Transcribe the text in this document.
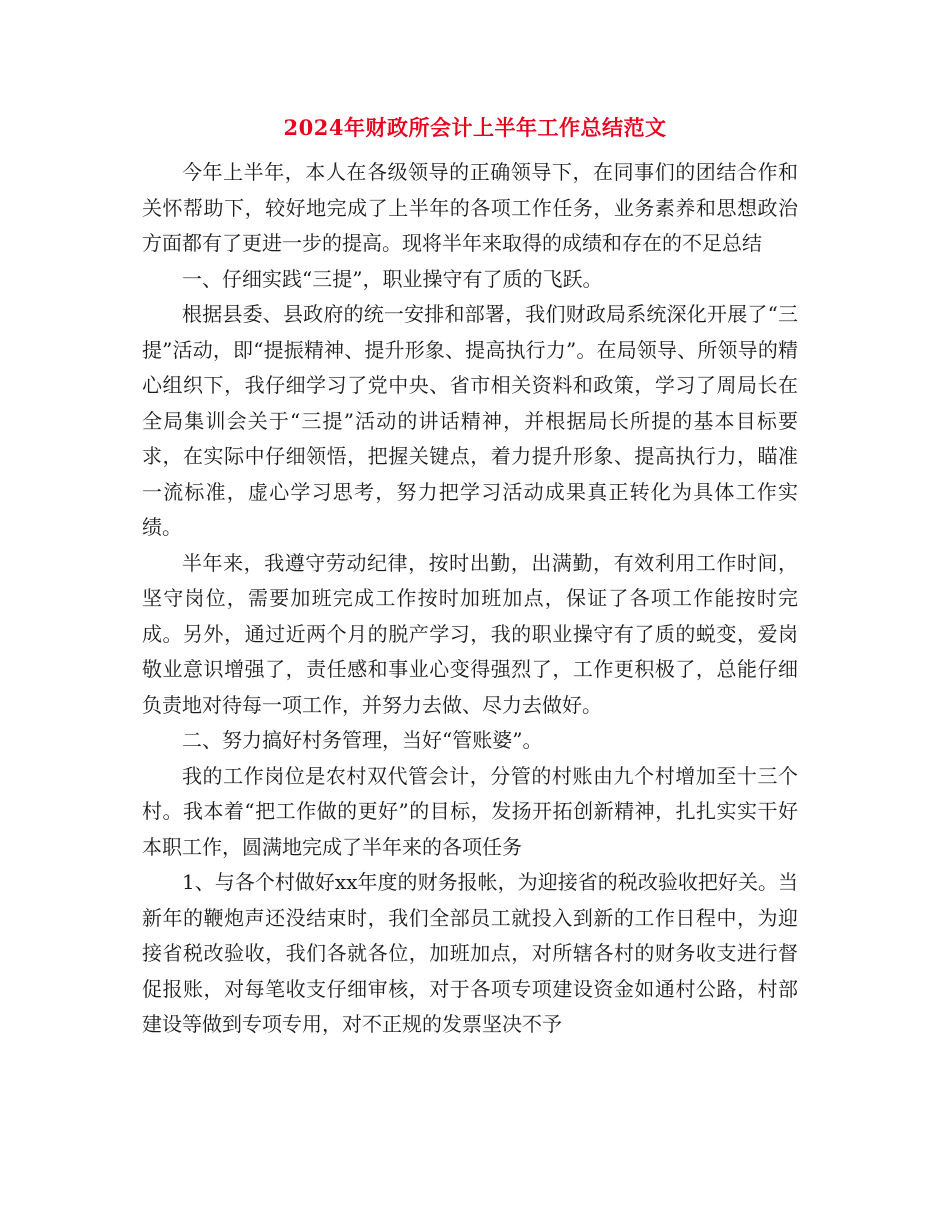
2024年财政所会计上半年工作总结范文

今年上半年，本人在各级领导的正确领导下，在同事们的团结合作和关怀帮助下，较好地完成了上半年的各项工作任务，业务素养和思想政治方面都有了更进一步的提高。现将半年来取得的成绩和存在的不足总结

一、仔细实践“三提”，职业操守有了质的飞跃。

根据县委、县政府的统一安排和部署，我们财政局系统深化开展了“三提”活动，即“提振精神、提升形象、提高执行力”。在局领导、所领导的精心组织下，我仔细学习了党中央、省市相关资料和政策，学习了周局长在全局集训会关于“三提”活动的讲话精神，并根据局长所提的基本目标要求，在实际中仔细领悟，把握关键点，着力提升形象、提高执行力，瞄准一流标准，虚心学习思考，努力把学习活动成果真正转化为具体工作实绩。

半年来，我遵守劳动纪律，按时出勤，出满勤，有效利用工作时间，坚守岗位，需要加班完成工作按时加班加点，保证了各项工作能按时完成。另外，通过近两个月的脱产学习，我的职业操守有了质的蜕变，爱岗敬业意识增强了，责任感和事业心变得强烈了，工作更积极了，总能仔细负责地对待每一项工作，并努力去做、尽力去做好。

二、努力搞好村务管理，当好“管账婆”。

我的工作岗位是农村双代管会计，分管的村账由九个村增加至十三个村。我本着“把工作做的更好”的目标，发扬开拓创新精神，扎扎实实干好本职工作，圆满地完成了半年来的各项任务

1、与各个村做好xx年度的财务报帐，为迎接省的税改验收把好关。当新年的鞭炮声还没结束时，我们全部员工就投入到新的工作日程中，为迎接省税改验收，我们各就各位，加班加点，对所辖各村的财务收支进行督促报账，对每笔收支仔细审核，对于各项专项建设资金如通村公路，村部建设等做到专项专用，对不正规的发票坚决不予
